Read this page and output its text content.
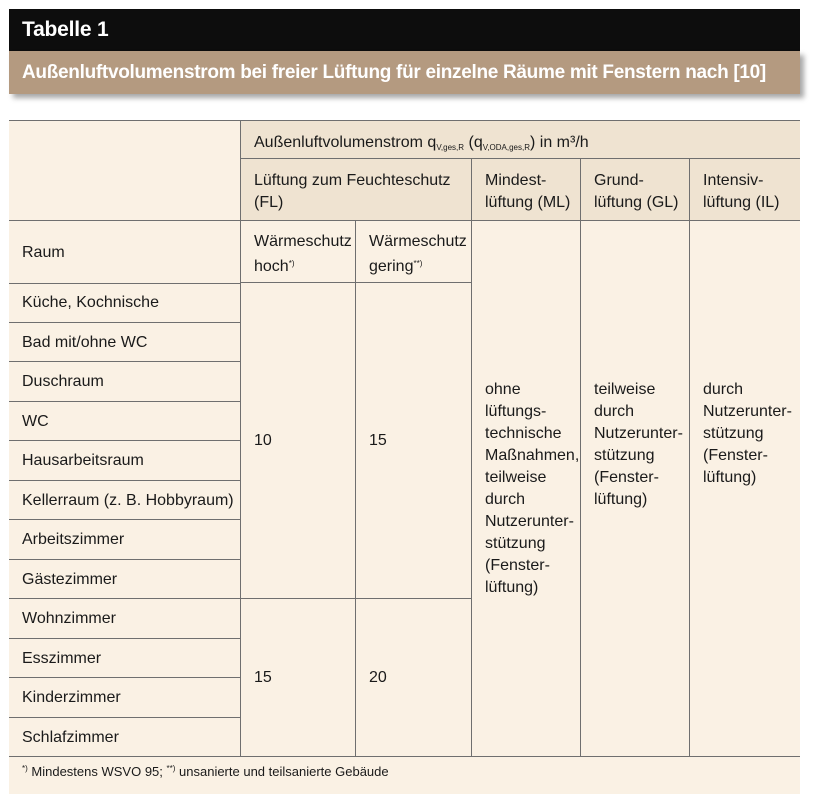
Tabelle 1
Außenluftvolumenstrom bei freier Lüftung für einzelne Räume mit Fenstern nach [10]
Außenluftvolumenstrom $q_{V,ges,R}$ $(q_{V,ODA,ges,R})$ in m³/h
Lüftung zum Feuchteschutz
(FL)
Mindest-
lüftung (ML)
Grund-
lüftung (GL)
Intensiv-
lüftung (IL)
Raum
Wärmeschutz
hoch*)
Wärmeschutz
gering**)
Küche, Kochnische
Bad mit/ohne WC
Duschraum
WC
Hausarbeitsraum
Kellerraum (z. B. Hobbyraum)
Arbeitszimmer
Gästezimmer
Wohnzimmer
Esszimmer
Kinderzimmer
Schlafzimmer
10	15
15	20
ohne
lüftungs-
technische
Maßnahmen,
teilweise
durch
Nutzerunter-
stützung
(Fenster-
lüftung)
teilweise
durch
Nutzerunter-
stützung
(Fenster-
lüftung)
durch
Nutzerunter-
stützung
(Fenster-
lüftung)
*) Mindestens WSVO 95; **) unsanierte und teilsanierte Gebäude
